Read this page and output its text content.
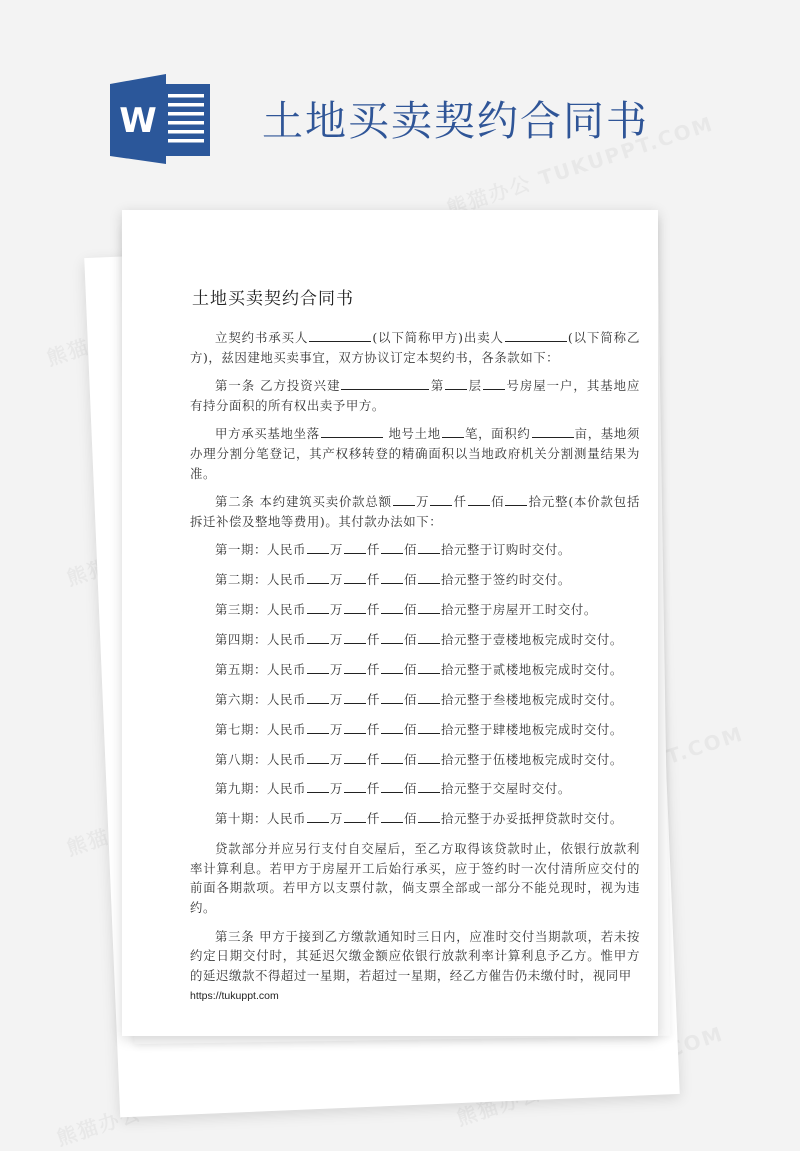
W	土地买卖契约合同书
土地买卖契约合同书

立契约书承买人	(以下简称甲方)出卖人	(以下简称乙方)，兹因建地买卖事宜，双方协议订定本契约书，各条款如下：

第一条 乙方投资兴建	第 层 号房屋一户，其基地应有持分面积的所有权出卖予甲方。

甲方承买基地坐落	地号土地 笔，面积约	亩，基地须办理分割分笔登记，其产权移转登的精确面积以当地政府机关分割测量结果为准。

第二条 本约建筑买卖价款总额 万 仟 佰 拾元整(本价款包括拆迁补偿及整地等费用)。其付款办法如下：

第一期：人民币 万 仟 佰 拾元整于订购时交付。

第二期：人民币 万 仟 佰 拾元整于签约时交付。

第三期：人民币 万 仟 佰 拾元整于房屋开工时交付。

第四期：人民币 万 仟 佰 拾元整于壹楼地板完成时交付。

第五期：人民币 万 仟 佰 拾元整于贰楼地板完成时交付。

第六期：人民币 万 仟 佰 拾元整于叁楼地板完成时交付。

第七期：人民币 万 仟 佰 拾元整于肆楼地板完成时交付。

第八期：人民币 万 仟 佰 拾元整于伍楼地板完成时交付。

第九期：人民币 万 仟 佰 拾元整于交屋时交付。

第十期：人民币 万 仟 佰 拾元整于办妥抵押贷款时交付。

贷款部分并应另行支付自交屋后，至乙方取得该贷款时止，依银行放款利率计算利息。若甲方于房屋开工后始行承买，应于签约时一次付清所应交付的前面各期款项。若甲方以支票付款，倘支票全部或一部分不能兑现时，视为违约。

第三条 甲方于接到乙方缴款通知时三日内，应准时交付当期款项，若未按约定日期交付时，其延迟欠缴金额应依银行放款利率计算利息予乙方。惟甲方的延迟缴款不得超过一星期，若超过一星期，经乙方催告仍未缴付时，视同甲

https://tukuppt.com
